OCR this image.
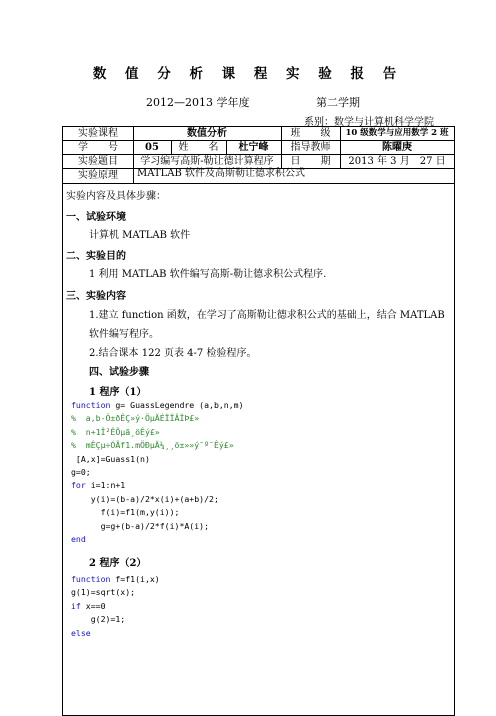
数 值 分 析 课 程 实 验 报 告
2012—2013 学年度	第二学期
系别：数学与计算机科学学院
实验课程	数值分析	班　　级	10 级数学与应用数学 2 班
学　　号	05	姓　　名	杜宁峰	指导教师	陈曜庚
实验题目	学习编写高斯-勒让德计算程序	日　　期	2013 年 3 月　27 日
实验原理	MATLAB 软件及高斯勒让德求积公式
实验内容及具体步骤：
一、试验环境
计算机 MATLAB 软件
二、实验目的
1 利用 MATLAB 软件编写高斯-勒让德求积公式程序.
三、实验内容
1.建立 function 函数，在学习了高斯勒让德求积公式的基础上，结合 MATLAB
软件编写程序。
2.结合课本 122 页表 4-7 检验程序。
四、试验步骤
1 程序（1）
function g= GuassLegendre (a,b,n,m)
%  a,b-Ö±ðÊÇ»ý·ÖµÄÉÏÏÂÏÞ£»
%  n+1Î²ÊÕµã¸öÊý£»
%  mÊÇµ÷ÓÃf1.mÖÐµÄ¼¸¸ö±»»ý¯º¯Êý£»
[A,x]=Guass1(n)
g=0;
for i=1:n+1
y(i)=(b-a)/2*x(i)+(a+b)/2;
f(i)=f1(m,y(i));
g=g+(b-a)/2*f(i)*A(i);
end
2 程序（2）
function f=f1(i,x)
g(1)=sqrt(x);
if x==0
g(2)=1;
else
